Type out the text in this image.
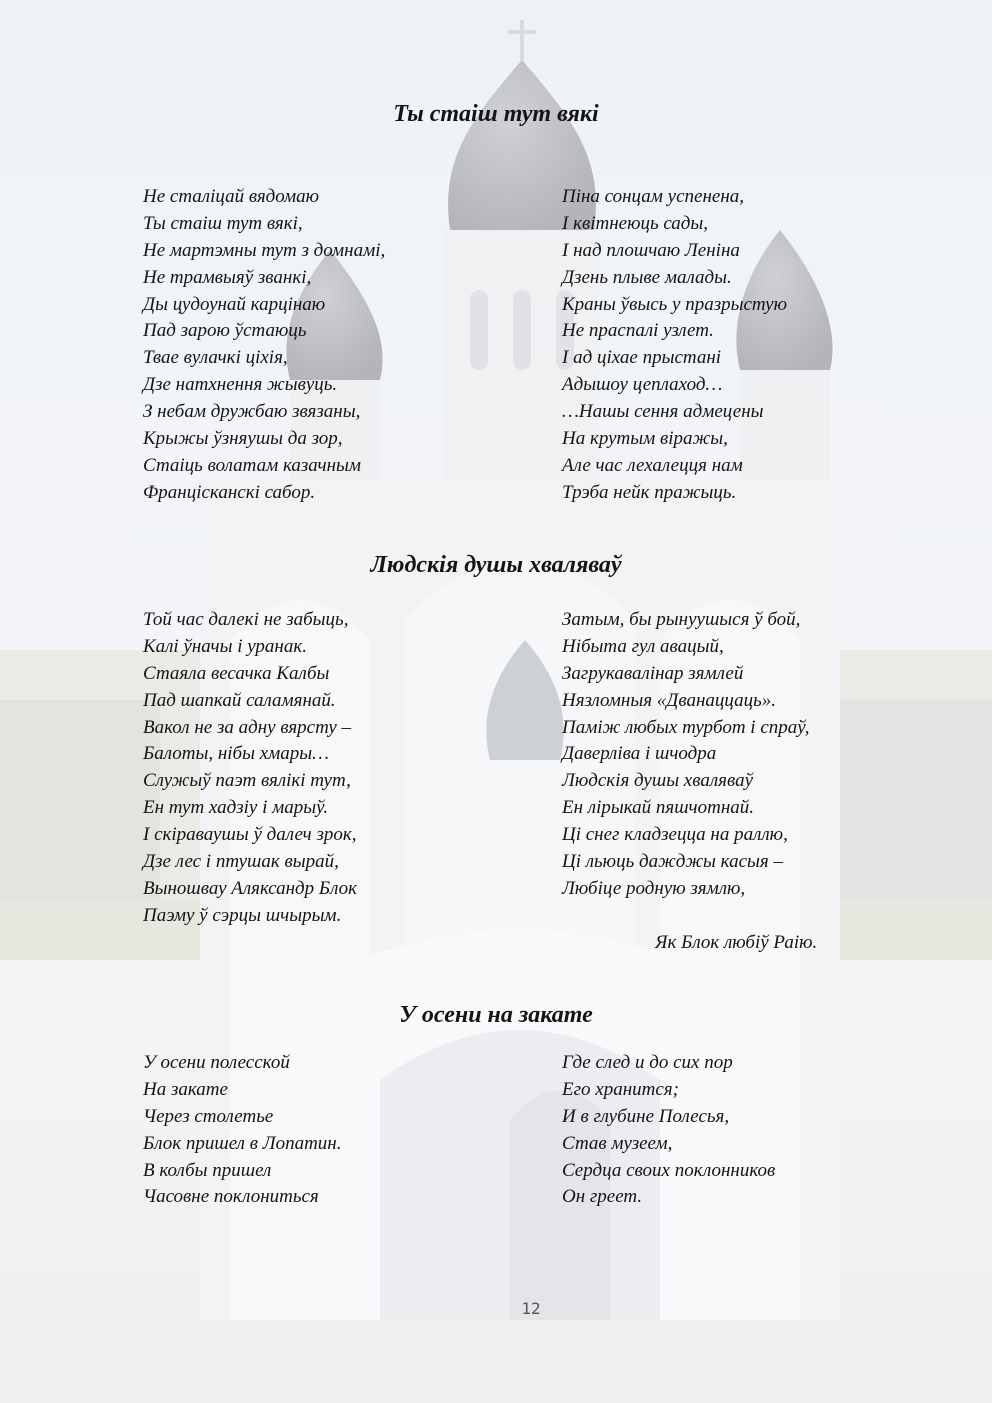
Ты стаіш тут вякі
Не сталіцай вядомаю
Ты стаіш тут вякі,
Не мартэмны тут з домнамі,
Не трамвыяў званкі,
Ды цудоунай карцінаю
Пад зарою ўстаюць
Твае вулачкі ціхія,
Дзе натхнення жывуць.
З небам дружбаю звязаны,
Крыжы ўзняушы да зор,
Стаіць волатам казачным
Францісканскі сабор.
Піна сонцам успенена,
І квітнеюць сады,
І над плошчаю Леніна
Дзень плыве малады.
Краны ўвысь у празрыстую
Не праспалі узлет.
І ад ціхае прыстані
Адышоу цеплаход…
…Нашы сення адмецены
На крутым віражы,
Але час лехалецця нам
Трэба нейк пражыць.
Людскія душы хваляваў
Той час далекі не забыць,
Калі ўначы і уранак.
Стаяла весачка Калбы
Пад шапкай саламянай.
Вакол не за адну вярсту –
Балоты, нібы хмары…
Служыў паэт вялікі тут,
Ен тут хадзіу і марыў.
І скіраваушы ў далеч зрок,
Дзе лес і птушак вырай,
Выношвау Аляксандр Блок
Паэму ў сэрцы шчырым.
Затым, бы рынуушыся ў бой,
Нібыта гул авацый,
Загрукавалінар зямлей
Нязломныя «Дванаццаць».
Паміж любых турбот і спраў,
Даверліва і шчодра
Людскія душы хваляваў
Ен лірыкай пяшчотнай.
Ці снег кладзецца на раллю,
Ці льюць дажджы касыя –
Любіце родную зямлю,
Як Блок любіў Раію.
У осени на закате
У осени полесской
На закате
Через столетье
Блок пришел в Лопатин.
В колбы пришел
Часовне поклониться
Где след и до сих пор
Его хранится;
И в глубине Полесья,
Став музеем,
Сердца своих поклонников
Он греет.
12
